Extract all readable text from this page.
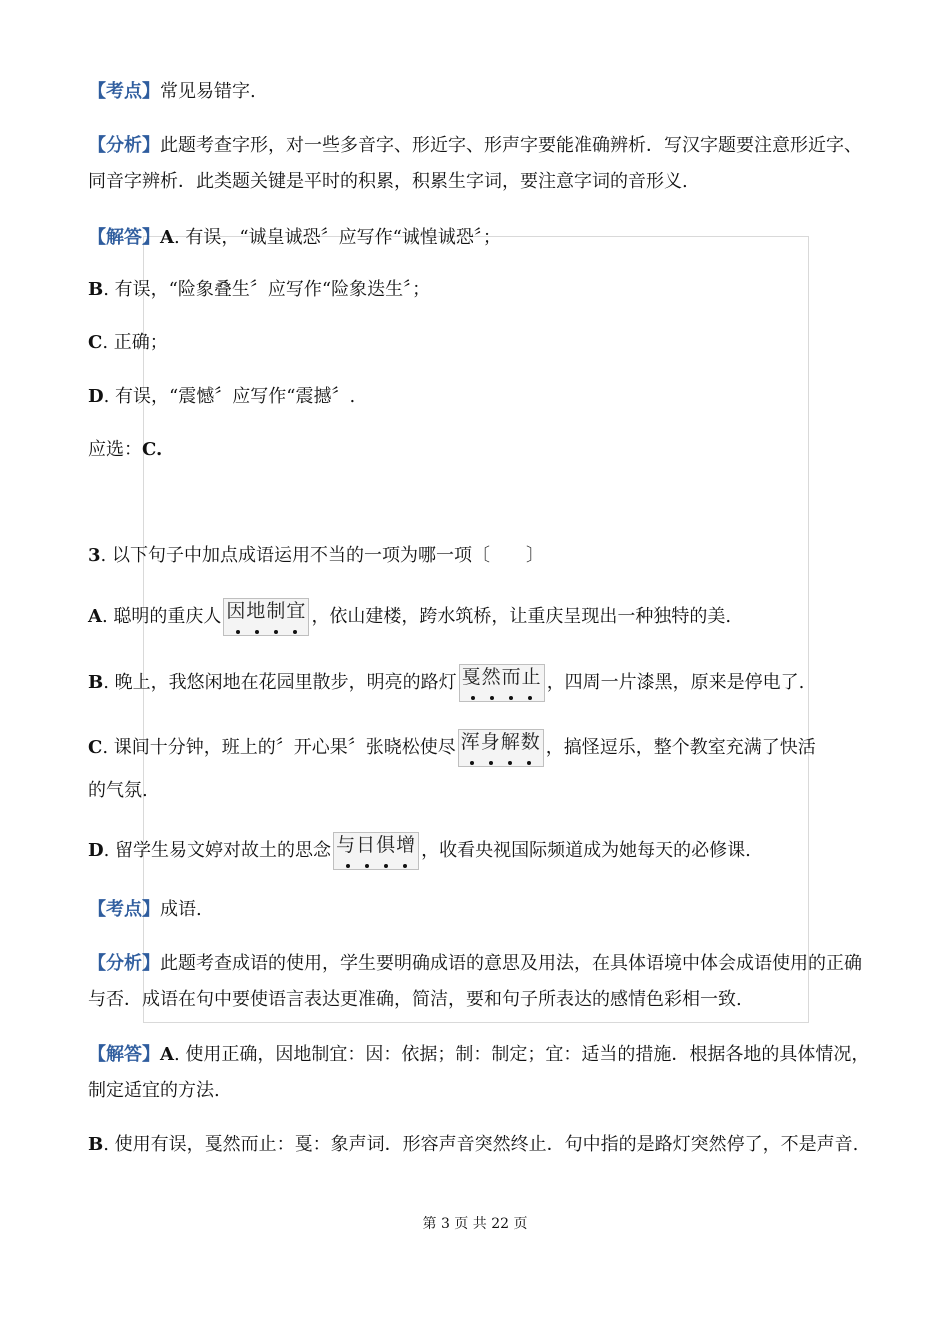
【考点】常见易错字.
【分析】此题考查字形，对一些多音字、形近字、形声字要能准确辨析．写汉字题要注意形近字、同音字辨析．此类题关键是平时的积累，积累生字词，要注意字词的音形义.
【解答】A. 有误，“诚皇诚恐〞应写作“诚惶诚恐〞；
B. 有误，“险象叠生〞应写作“险象迭生〞；
C. 正确；
D. 有误，“震憾〞应写作“震撼〞.
应选：C.
3. 以下句子中加点成语运用不当的一项为哪一项〔　　〕
A. 聪明的重庆人 因地制宜 ，依山建楼，跨水筑桥，让重庆呈现出一种独特的美.
B. 晚上，我悠闲地在花园里散步，明亮的路灯 戛然而止 ，四周一片漆黑，原来是停电了.
C. 课间十分钟，班上的〞开心果〞张晓松使尽 浑身解数 ，搞怪逗乐，整个教室充满了快活
的气氛.
D. 留学生易文婷对故土的思念 与日俱增 ，收看央视国际频道成为她每天的必修课.
【考点】成语.
【分析】此题考查成语的使用，学生要明确成语的意思及用法，在具体语境中体会成语使用的正确与否．成语在句中要使语言表达更准确，简洁，要和句子所表达的感情色彩相一致.
【解答】A. 使用正确，因地制宜：因：依据；制：制定；宜：适当的措施．根据各地的具体情况，制定适宜的方法.
B. 使用有误，戛然而止：戛：象声词．形容声音突然终止．句中指的是路灯突然停了，不是声音.
第 3 页 共 22 页
